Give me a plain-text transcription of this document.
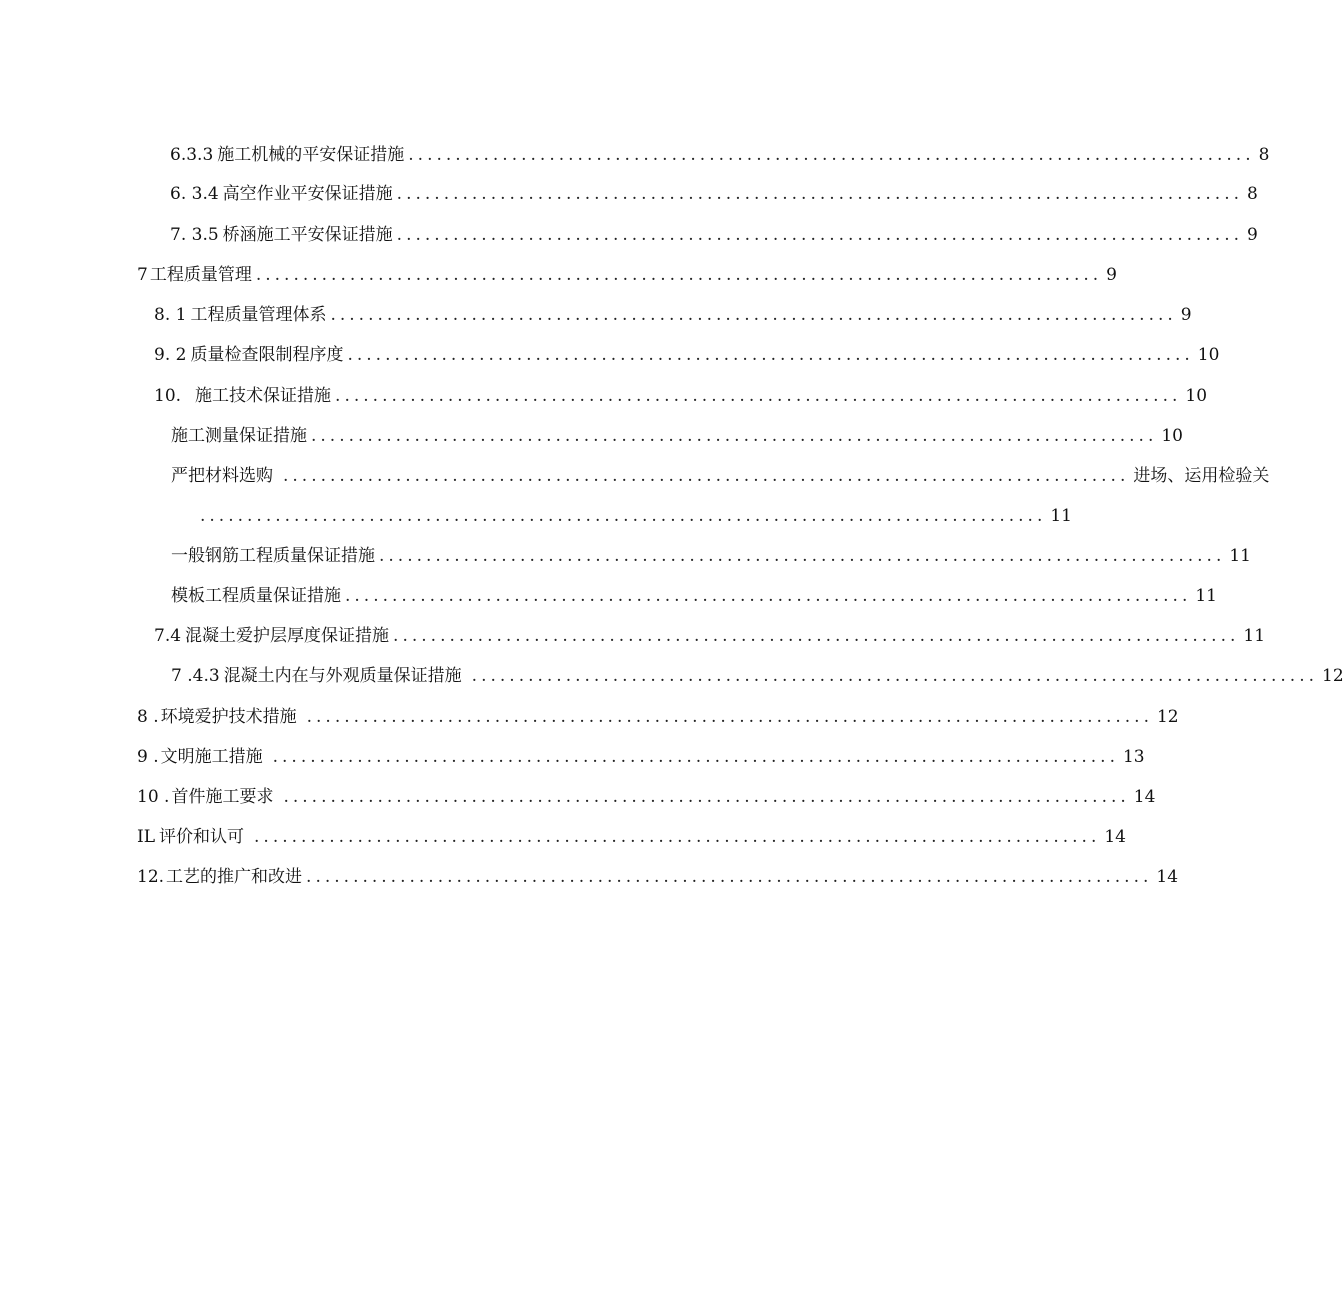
6.3.3 施工机械的平安保证措施 .......................................................................................... 8
6. 3.4 高空作业平安保证措施 .......................................................................................... 8
7. 3.5 桥涵施工平安保证措施 .......................................................................................... 9
7 工程质量管理 .......................................................................................... 9
8. 1 工程质量管理体系 .......................................................................................... 9
9. 2 质量检查限制程序度 .......................................................................................... 10
10. 施工技术保证措施 .......................................................................................... 10
施工测量保证措施 .......................................................................................... 10
严把材料选购 .......................................................................................... 进场、运用检验关
.......................................................................................... 11
一般钢筋工程质量保证措施 .......................................................................................... 11
模板工程质量保证措施 .......................................................................................... 11
7.4 混凝土爱护层厚度保证措施 .......................................................................................... 11
7 .4.3 混凝土内在与外观质量保证措施 .......................................................................................... 12
8 . 环境爱护技术措施 .......................................................................................... 12
9 . 文明施工措施 .......................................................................................... 13
10 . 首件施工要求 .......................................................................................... 14
IL 评价和认可 .......................................................................................... 14
12. 工艺的推广和改进 .......................................................................................... 14
